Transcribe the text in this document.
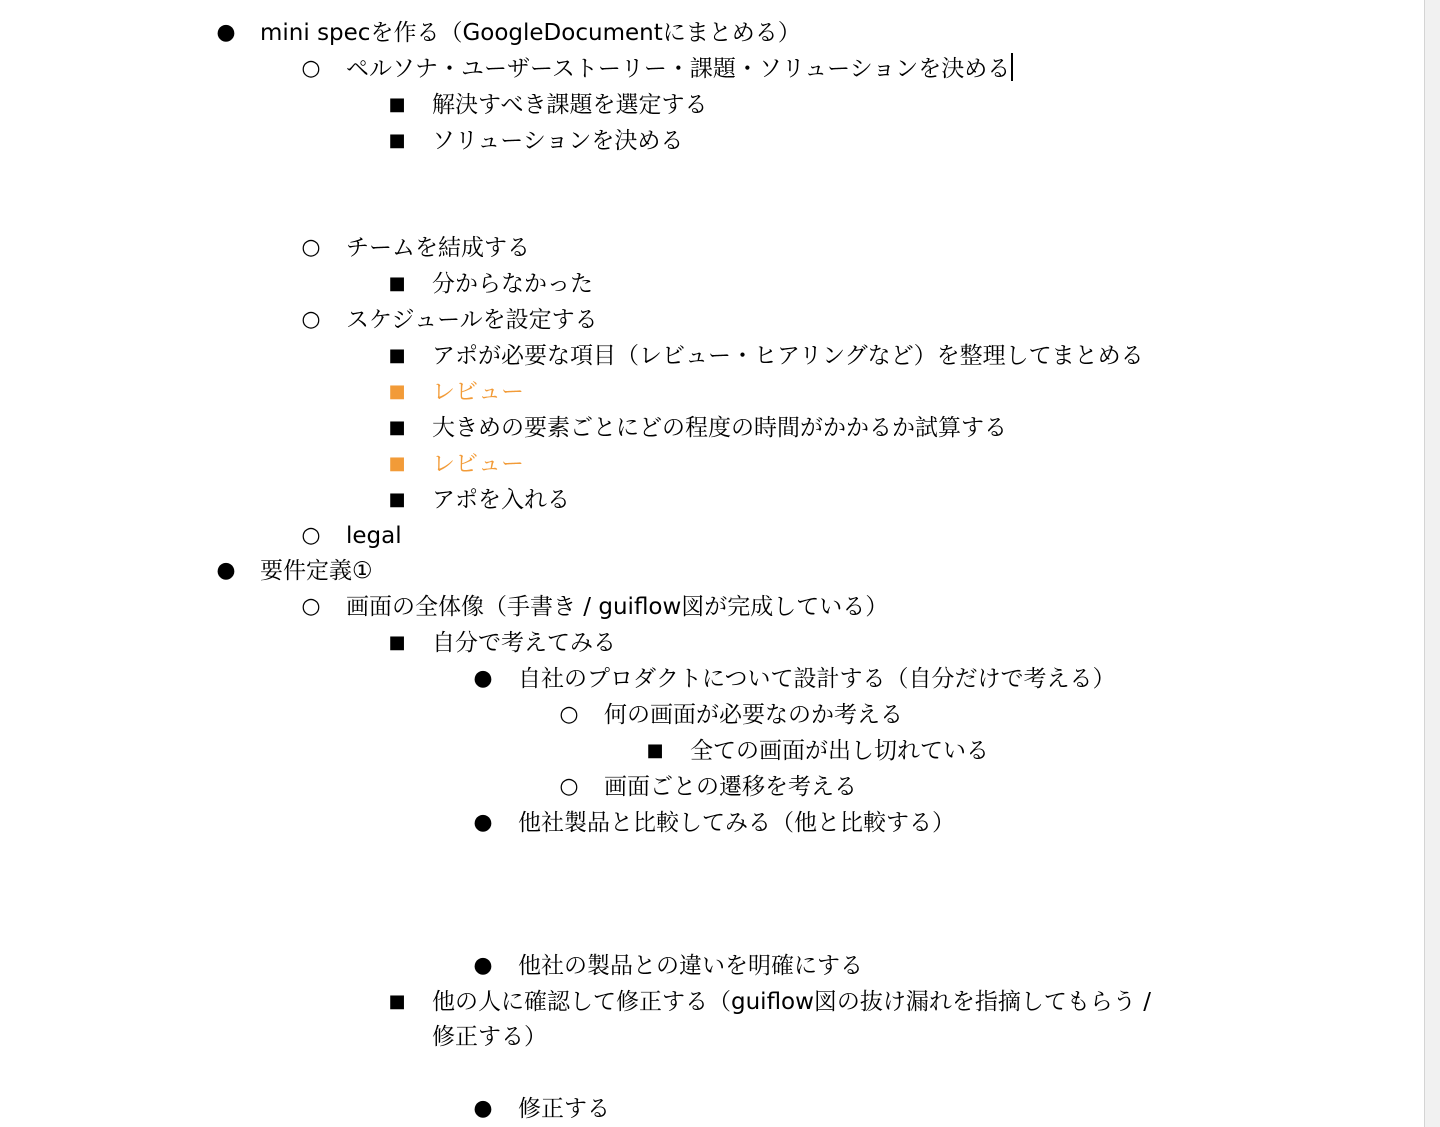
● mini specを作る（GoogleDocumentにまとめる）
○ ペルソナ・ユーザーストーリー・課題・ソリューションを決める
■ 解決すべき課題を選定する
■ ソリューションを決める
○ チームを結成する
■ 分からなかった
○ スケジュールを設定する
■ アポが必要な項目（レビュー・ヒアリングなど）を整理してまとめる
■ レビュー
■ 大きめの要素ごとにどの程度の時間がかかるか試算する
■ レビュー
■ アポを入れる
○ legal
● 要件定義①
○ 画面の全体像（手書き / guiflow図が完成している）
■ 自分で考えてみる
● 自社のプロダクトについて設計する（自分だけで考える）
○ 何の画面が必要なのか考える
■ 全ての画面が出し切れている
○ 画面ごとの遷移を考える
● 他社製品と比較してみる（他と比較する）
● 他社の製品との違いを明確にする
■ 他の人に確認して修正する（guiflow図の抜け漏れを指摘してもらう /
修正する）
● 修正する
